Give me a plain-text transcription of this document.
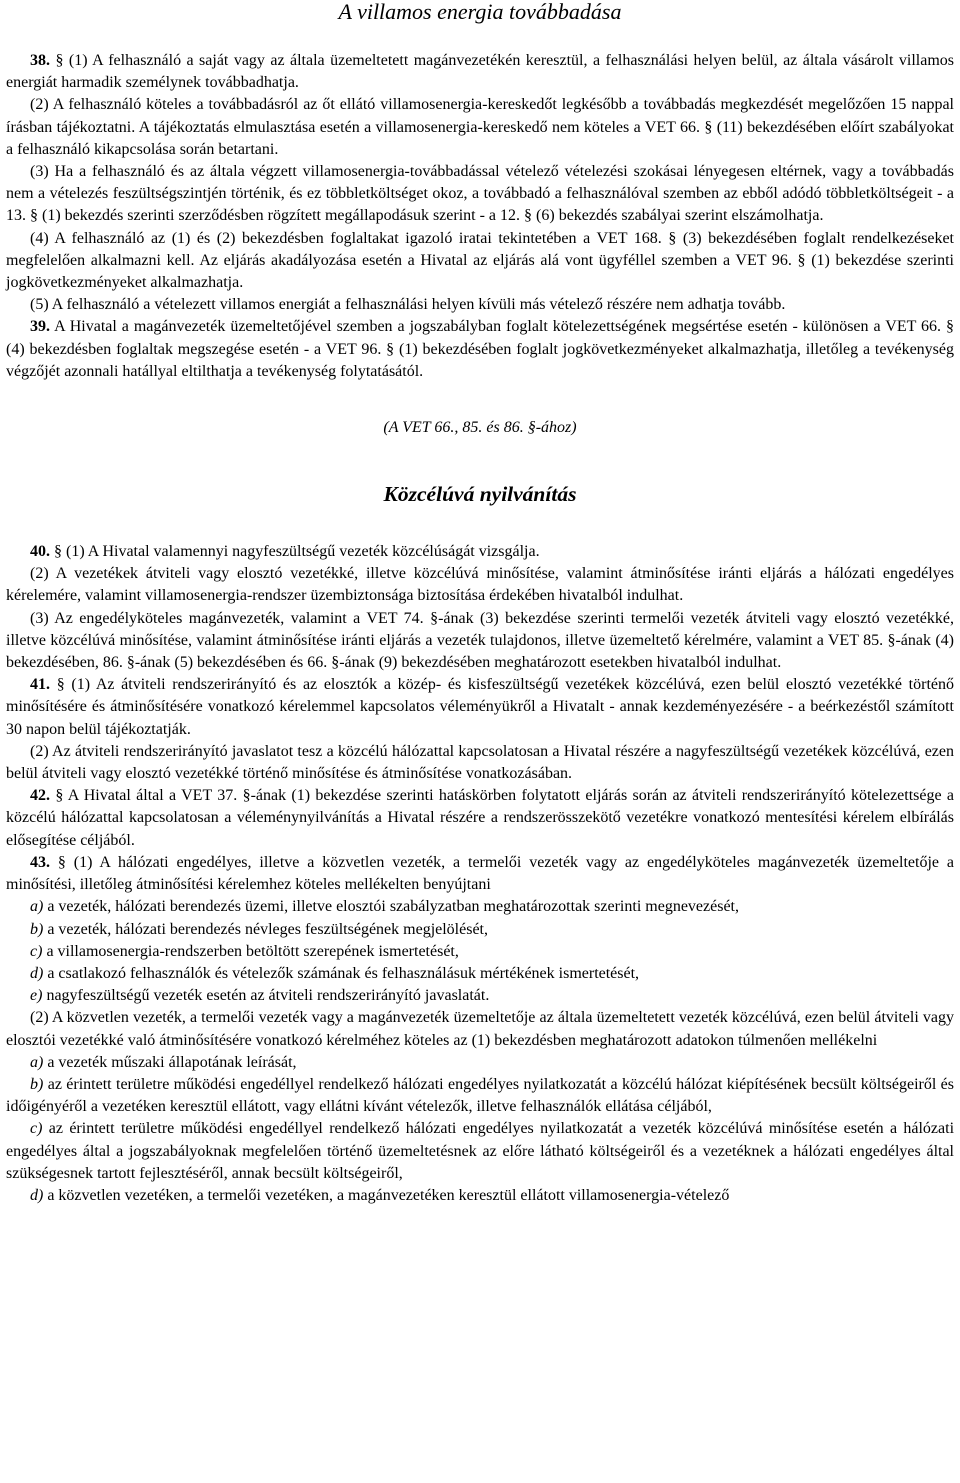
A villamos energia továbbadása

38. § (1) A felhasználó a saját vagy az általa üzemeltetett magánvezetékén keresztül, a felhasználási helyen belül, az általa vásárolt villamos energiát harmadik személynek továbbadhatja.

(2) A felhasználó köteles a továbbadásról az őt ellátó villamosenergia-kereskedőt legkésőbb a továbbadás megkezdését megelőzően 15 nappal írásban tájékoztatni. A tájékoztatás elmulasztása esetén a villamosenergia-kereskedő nem köteles a VET 66. § (11) bekezdésében előírt szabályokat a felhasználó kikapcsolása során betartani.

(3) Ha a felhasználó és az általa végzett villamosenergia-továbbadással vételező vételezési szokásai lényegesen eltérnek, vagy a továbbadás nem a vételezés feszültségszintjén történik, és ez többletköltséget okoz, a továbbadó a felhasználóval szemben az ebből adódó többletköltségeit - a 13. § (1) bekezdés szerinti szerződésben rögzített megállapodásuk szerint - a 12. § (6) bekezdés szabályai szerint elszámolhatja.

(4) A felhasználó az (1) és (2) bekezdésben foglaltakat igazoló iratai tekintetében a VET 168. § (3) bekezdésében foglalt rendelkezéseket megfelelően alkalmazni kell. Az eljárás akadályozása esetén a Hivatal az eljárás alá vont ügyféllel szemben a VET 96. § (1) bekezdése szerinti jogkövetkezményeket alkalmazhatja.

(5) A felhasználó a vételezett villamos energiát a felhasználási helyen kívüli más vételező részére nem adhatja tovább.

39. A Hivatal a magánvezeték üzemeltetőjével szemben a jogszabályban foglalt kötelezettségének megsértése esetén - különösen a VET 66. § (4) bekezdésben foglaltak megszegése esetén - a VET 96. § (1) bekezdésében foglalt jogkövetkezményeket alkalmazhatja, illetőleg a tevékenység végzőjét azonnali hatállyal eltilthatja a tevékenység folytatásától.

(A VET 66., 85. és 86. §-ához)
Közcélúvá nyilvánítás

40. § (1) A Hivatal valamennyi nagyfeszültségű vezeték közcélúságát vizsgálja.

(2) A vezetékek átviteli vagy elosztó vezetékké, illetve közcélúvá minősítése, valamint átminősítése iránti eljárás a hálózati engedélyes kérelemére, valamint villamosenergia-rendszer üzembiztonsága biztosítása érdekében hivatalból indulhat.

(3) Az engedélyköteles magánvezeték, valamint a VET 74. §-ának (3) bekezdése szerinti termelői vezeték átviteli vagy elosztó vezetékké, illetve közcélúvá minősítése, valamint átminősítése iránti eljárás a vezeték tulajdonos, illetve üzemeltető kérelmére, valamint a VET 85. §-ának (4) bekezdésében, 86. §-ának (5) bekezdésében és 66. §-ának (9) bekezdésében meghatározott esetekben hivatalból indulhat.

41. § (1) Az átviteli rendszerirányító és az elosztók a közép- és kisfeszültségű vezetékek közcélúvá, ezen belül elosztó vezetékké történő minősítésére és átminősítésére vonatkozó kérelemmel kapcsolatos véleményükről a Hivatalt - annak kezdeményezésére - a beérkezéstől számított 30 napon belül tájékoztatják.

(2) Az átviteli rendszerirányító javaslatot tesz a közcélú hálózattal kapcsolatosan a Hivatal részére a nagyfeszültségű vezetékek közcélúvá, ezen belül átviteli vagy elosztó vezetékké történő minősítése és átminősítése vonatkozásában.

42. § A Hivatal által a VET 37. §-ának (1) bekezdése szerinti hatáskörben folytatott eljárás során az átviteli rendszerirányító kötelezettsége a közcélú hálózattal kapcsolatosan a véleménynyilvánítás a Hivatal részére a rendszerösszekötő vezetékre vonatkozó mentesítési kérelem elbírálás elősegítése céljából.

43. § (1) A hálózati engedélyes, illetve a közvetlen vezeték, a termelői vezeték vagy az engedélyköteles magánvezeték üzemeltetője a minősítési, illetőleg átminősítési kérelemhez köteles mellékelten benyújtani

a) a vezeték, hálózati berendezés üzemi, illetve elosztói szabályzatban meghatározottak szerinti megnevezését,

b) a vezeték, hálózati berendezés névleges feszültségének megjelölését,

c) a villamosenergia-rendszerben betöltött szerepének ismertetését,

d) a csatlakozó felhasználók és vételezők számának és felhasználásuk mértékének ismertetését,

e) nagyfeszültségű vezeték esetén az átviteli rendszerirányító javaslatát.

(2) A közvetlen vezeték, a termelői vezeték vagy a magánvezeték üzemeltetője az általa üzemeltetett vezeték közcélúvá, ezen belül átviteli vagy elosztói vezetékké való átminősítésére vonatkozó kérelméhez köteles az (1) bekezdésben meghatározott adatokon túlmenően mellékelni

a) a vezeték műszaki állapotának leírását,

b) az érintett területre működési engedéllyel rendelkező hálózati engedélyes nyilatkozatát a közcélú hálózat kiépítésének becsült költségeiről és időigényéről a vezetéken keresztül ellátott, vagy ellátni kívánt vételezők, illetve felhasználók ellátása céljából,

c) az érintett területre működési engedéllyel rendelkező hálózati engedélyes nyilatkozatát a vezeték közcélúvá minősítése esetén a hálózati engedélyes által a jogszabályoknak megfelelően történő üzemeltetésnek az előre látható költségeiről és a vezetéknek a hálózati engedélyes által szükségesnek tartott fejlesztéséről, annak becsült költségeiről,

d) a közvetlen vezetéken, a termelői vezetéken, a magánvezetéken keresztül ellátott villamosenergia-vételező
